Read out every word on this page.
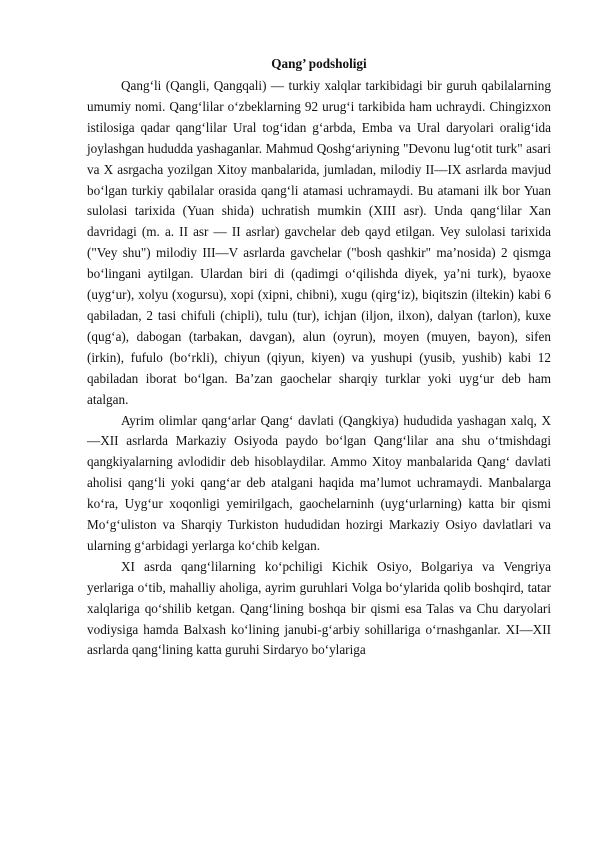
Qang’ podsholigi

Qang‘li (Qangli, Qangqali) — turkiy xalqlar tarkibidagi bir guruh qabilalarning umumiy nomi. Qang‘lilar o‘zbeklarning 92 urug‘i tarkibida ham uchraydi. Chingizxon istilosiga qadar qang‘lilar Ural tog‘idan g‘arbda, Emba va Ural daryolari oralig‘ida joylashgan hududda yashaganlar. Mahmud Qoshg‘ariyning "Devonu lug‘otit turk" asari va X asrgacha yozilgan Xitoy manbalarida, jumladan, milodiy II—IX asrlarda mavjud bo‘lgan turkiy qabilalar orasida qang‘li atamasi uchramaydi. Bu atamani ilk bor Yuan sulolasi tarixida (Yuan shida) uchratish mumkin (XIII asr). Unda qang‘lilar Xan davridagi (m. a. II asr — II asrlar) gavchelar deb qayd etilgan. Vey sulolasi tarixida ("Vey shu") milodiy III—V asrlarda gavchelar ("bosh qashkir" ma’nosida) 2 qismga bo‘lingani aytilgan. Ulardan biri di (qadimgi o‘qilishda diyek, ya’ni turk), byaoxe (uyg‘ur), xolyu (xogursu), xopi (xipni, chibni), xugu (qirg‘iz), biqitszin (iltekin) kabi 6 qabiladan, 2 tasi chifuli (chipli), tulu (tur), ichjan (iljon, ilxon), dalyan (tarlon), kuxe (qug‘a), dabogan (tarbakan, davgan), alun (oyrun), moyen (muyen, bayon), sifen (irkin), fufulo (bo‘rkli), chiyun (qiyun, kiyen) va yushupi (yusib, yushib) kabi 12 qabiladan iborat bo‘lgan. Ba’zan gaochelar sharqiy turklar yoki uyg‘ur deb ham atalgan.

Ayrim olimlar qang‘arlar Qang‘ davlati (Qangkiya) hududida yashagan xalq, X—XII asrlarda Markaziy Osiyoda paydo bo‘lgan Qang‘lilar ana shu o‘tmishdagi qangkiyalarning avlodidir deb hisoblaydilar. Ammo Xitoy manbalarida Qang‘ davlati aholisi qang‘li yoki qang‘ar deb atalgani haqida ma’lumot uchramaydi. Manbalarga ko‘ra, Uyg‘ur xoqonligi yemirilgach, gaochelarninh (uyg‘urlarning) katta bir qismi Mo‘g‘uliston va Sharqiy Turkiston hududidan hozirgi Markaziy Osiyo davlatlari va ularning g‘arbidagi yerlarga ko‘chib kelgan.

XI asrda qang‘lilarning ko‘pchiligi Kichik Osiyo, Bolgariya va Vengriya yerlariga o‘tib, mahalliy aholiga, ayrim guruhlari Volga bo‘ylarida qolib boshqird, tatar xalqlariga qo‘shilib ketgan. Qang‘lining boshqa bir qismi esa Talas va Chu daryolari vodiysiga hamda Balxash ko‘lining janubi-g‘arbiy sohillariga o‘rnashganlar. XI—XII asrlarda qang‘lining katta guruhi Sirdaryo bo‘ylariga
